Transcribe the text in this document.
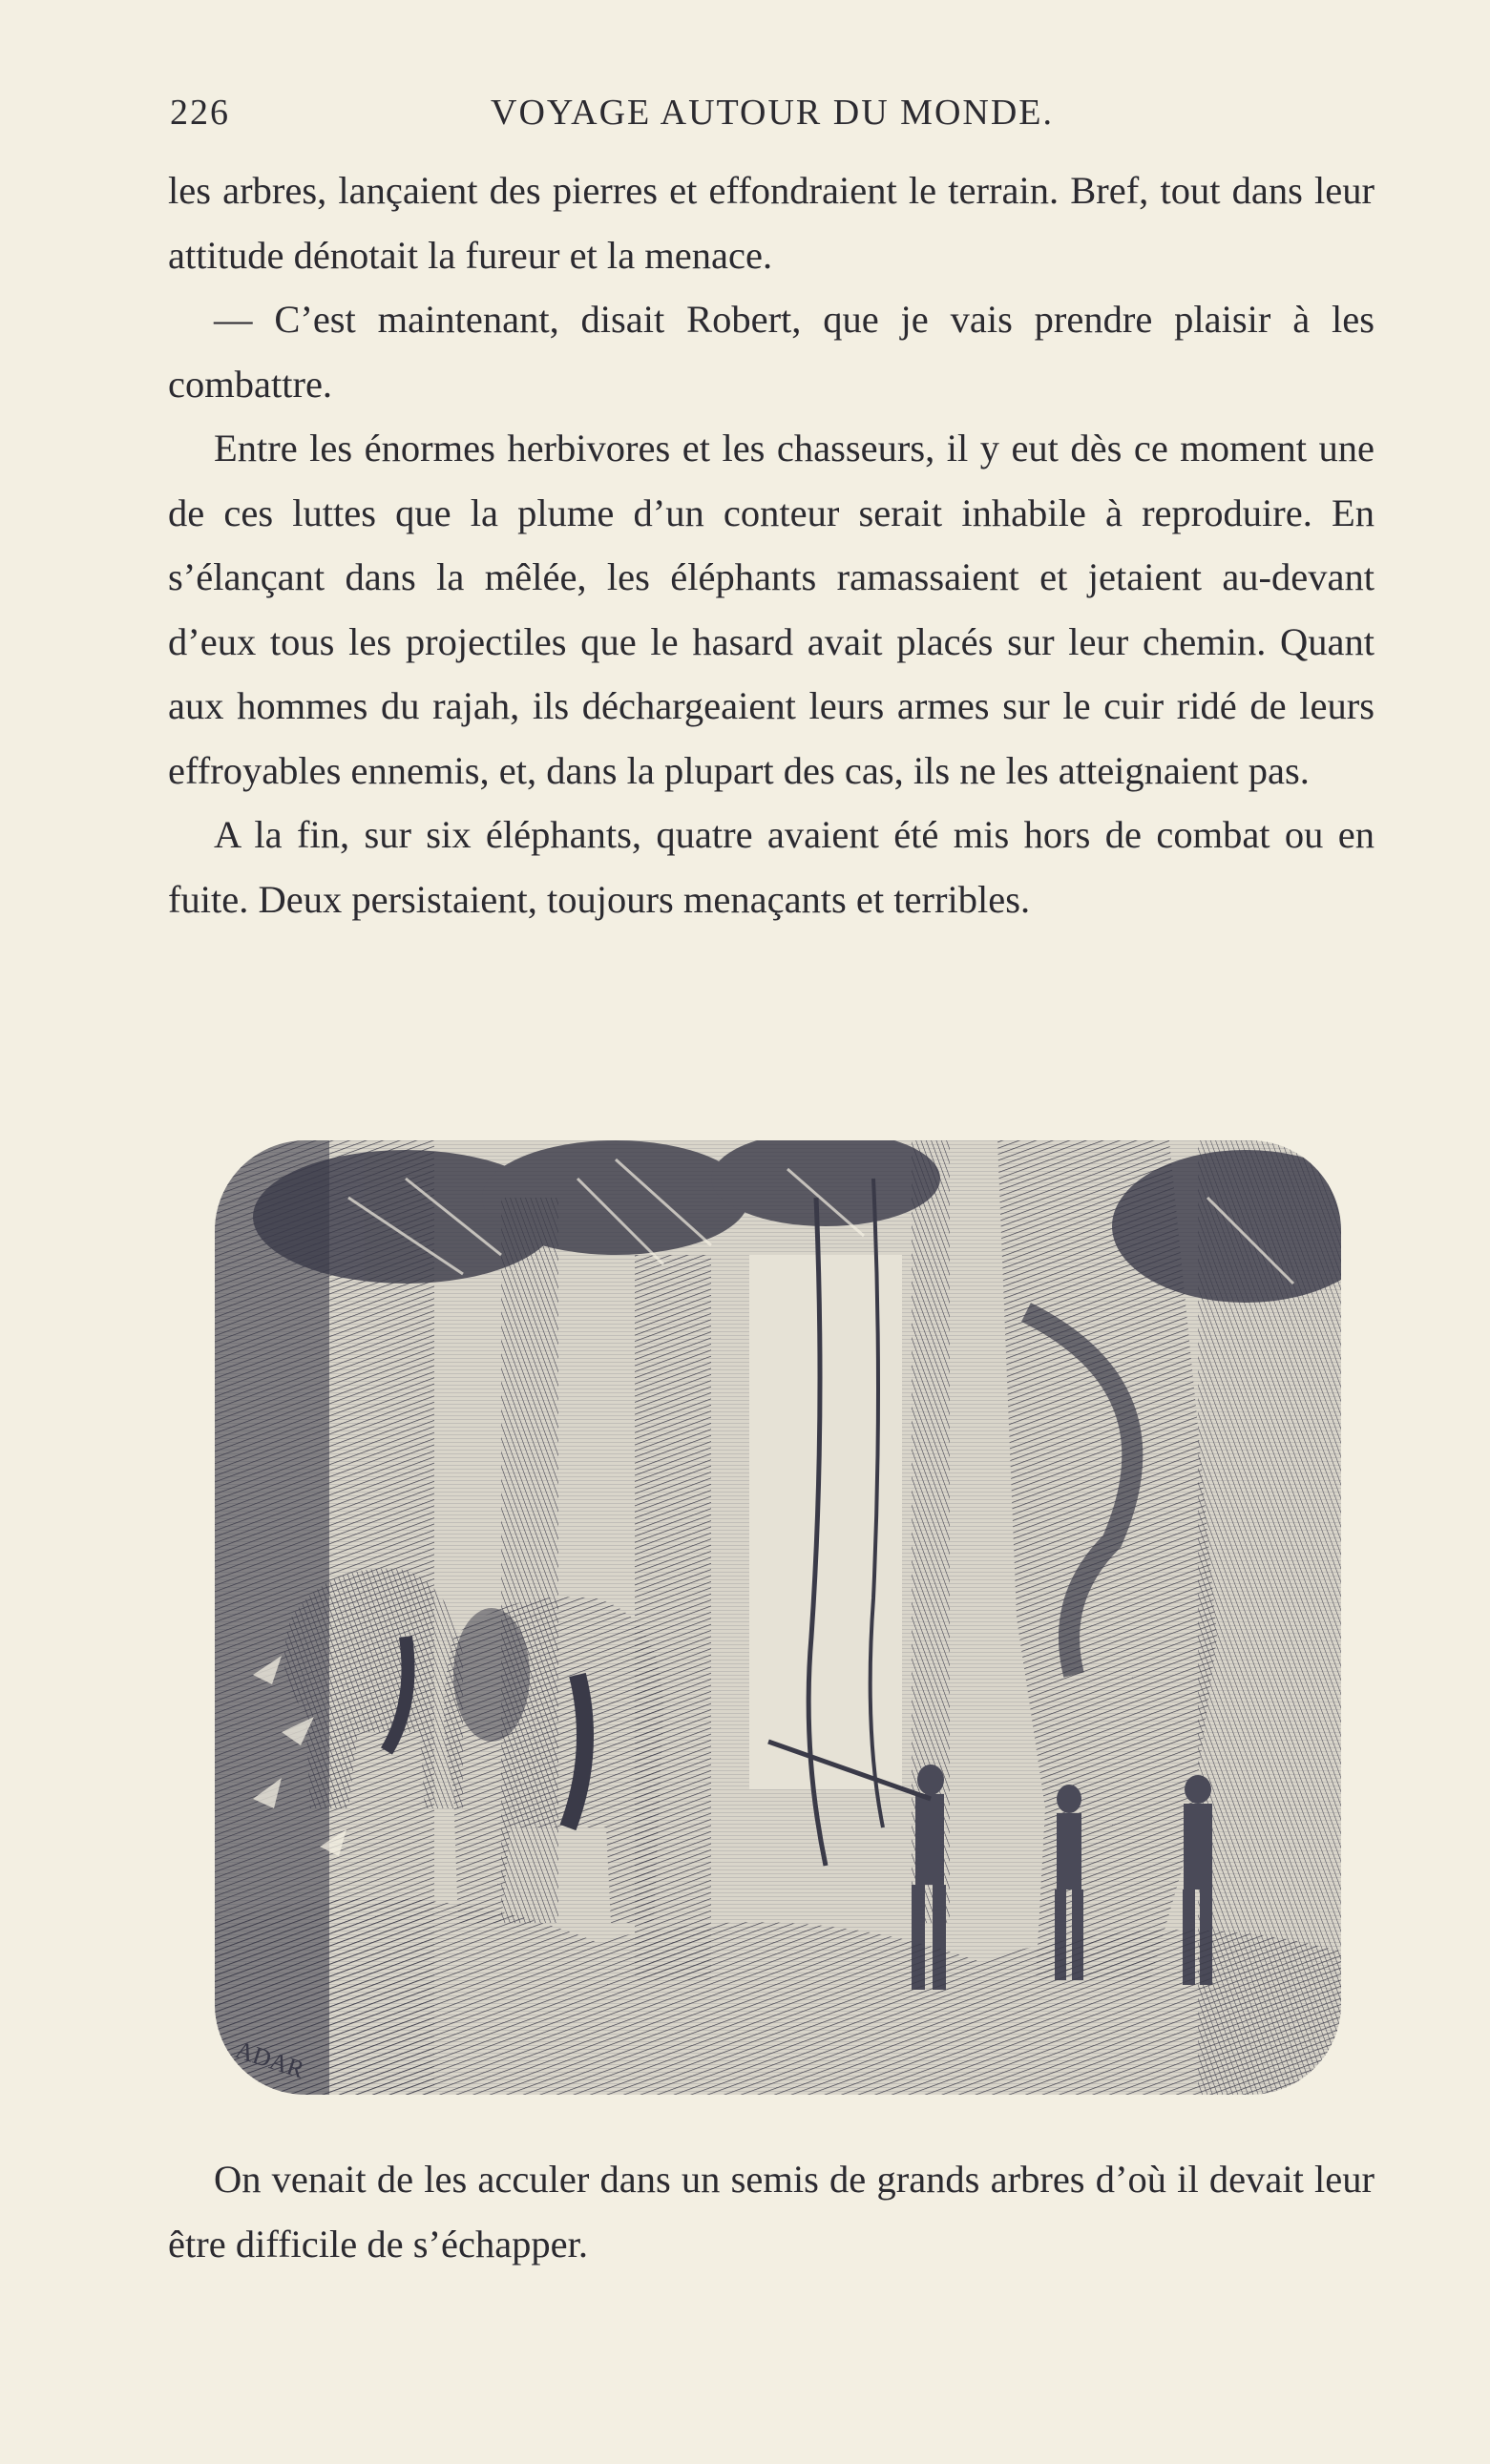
226	VOYAGE AUTOUR DU MONDE.

les arbres, lançaient des pierres et effondraient le terrain. Bref, tout dans leur attitude dénotait la fureur et la menace.

— C’est maintenant, disait Robert, que je vais prendre plaisir à les combattre.

Entre les énormes herbivores et les chasseurs, il y eut dès ce moment une de ces luttes que la plume d’un conteur serait inhabile à reproduire. En s’élançant dans la mêlée, les éléphants ramassaient et jetaient au-devant d’eux tous les projectiles que le hasard avait placés sur leur chemin. Quant aux hommes du rajah, ils déchargeaient leurs armes sur le cuir ridé de leurs effroyables ennemis, et, dans la plupart des cas, ils ne les atteignaient pas.

A la fin, sur six éléphants, quatre avaient été mis hors de combat ou en fuite. Deux persistaient, toujours menaçants et terribles.

ADAR

On venait de les acculer dans un semis de grands arbres d’où il devait leur être difficile de s’échapper.
